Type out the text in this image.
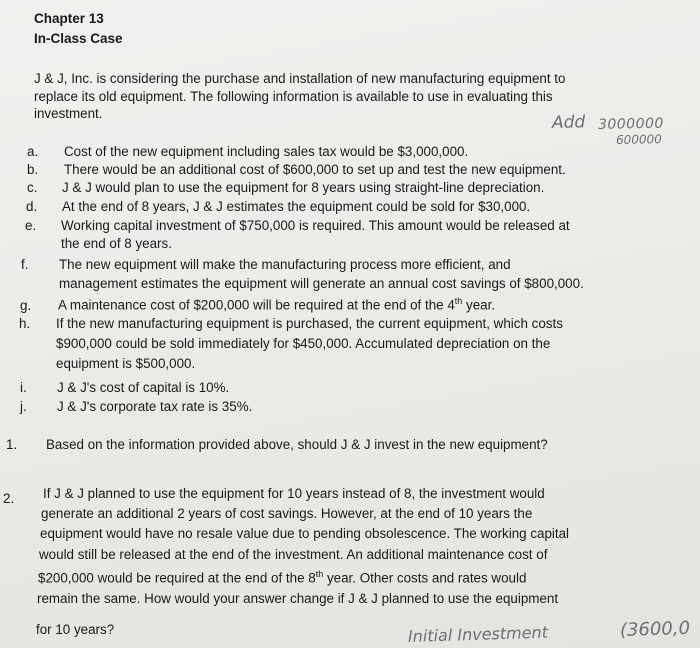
Chapter 13
In-Class Case
J & J, Inc. is considering the purchase and installation of new manufacturing equipment to
replace its old equipment. The following information is available to use in evaluating this
investment.	Add 3000000
600000
a. Cost of the new equipment including sales tax would be $3,000,000.
b. There would be an additional cost of $600,000 to set up and test the new equipment.
c. J & J would plan to use the equipment for 8 years using straight-line depreciation.
d. At the end of 8 years, J & J estimates the equipment could be sold for $30,000.
e. Working capital investment of $750,000 is required. This amount would be released at
the end of 8 years.
f. The new equipment will make the manufacturing process more efficient, and
management estimates the equipment will generate an annual cost savings of $800,000.
g. A maintenance cost of $200,000 will be required at the end of the 4th year.
h. If the new manufacturing equipment is purchased, the current equipment, which costs
$900,000 could be sold immediately for $450,000. Accumulated depreciation on the
equipment is $500,000.
i. J & J's cost of capital is 10%.
j. J & J's corporate tax rate is 35%.
1. Based on the information provided above, should J & J invest in the new equipment?
2. If J & J planned to use the equipment for 10 years instead of 8, the investment would
generate an additional 2 years of cost savings. However, at the end of 10 years the
equipment would have no resale value due to pending obsolescence. The working capital
would still be released at the end of the investment. An additional maintenance cost of
$200,000 would be required at the end of the 8th year. Other costs and rates would
remain the same. How would your answer change if J & J planned to use the equipment
for 10 years?	Initial Investment	(3600,0
